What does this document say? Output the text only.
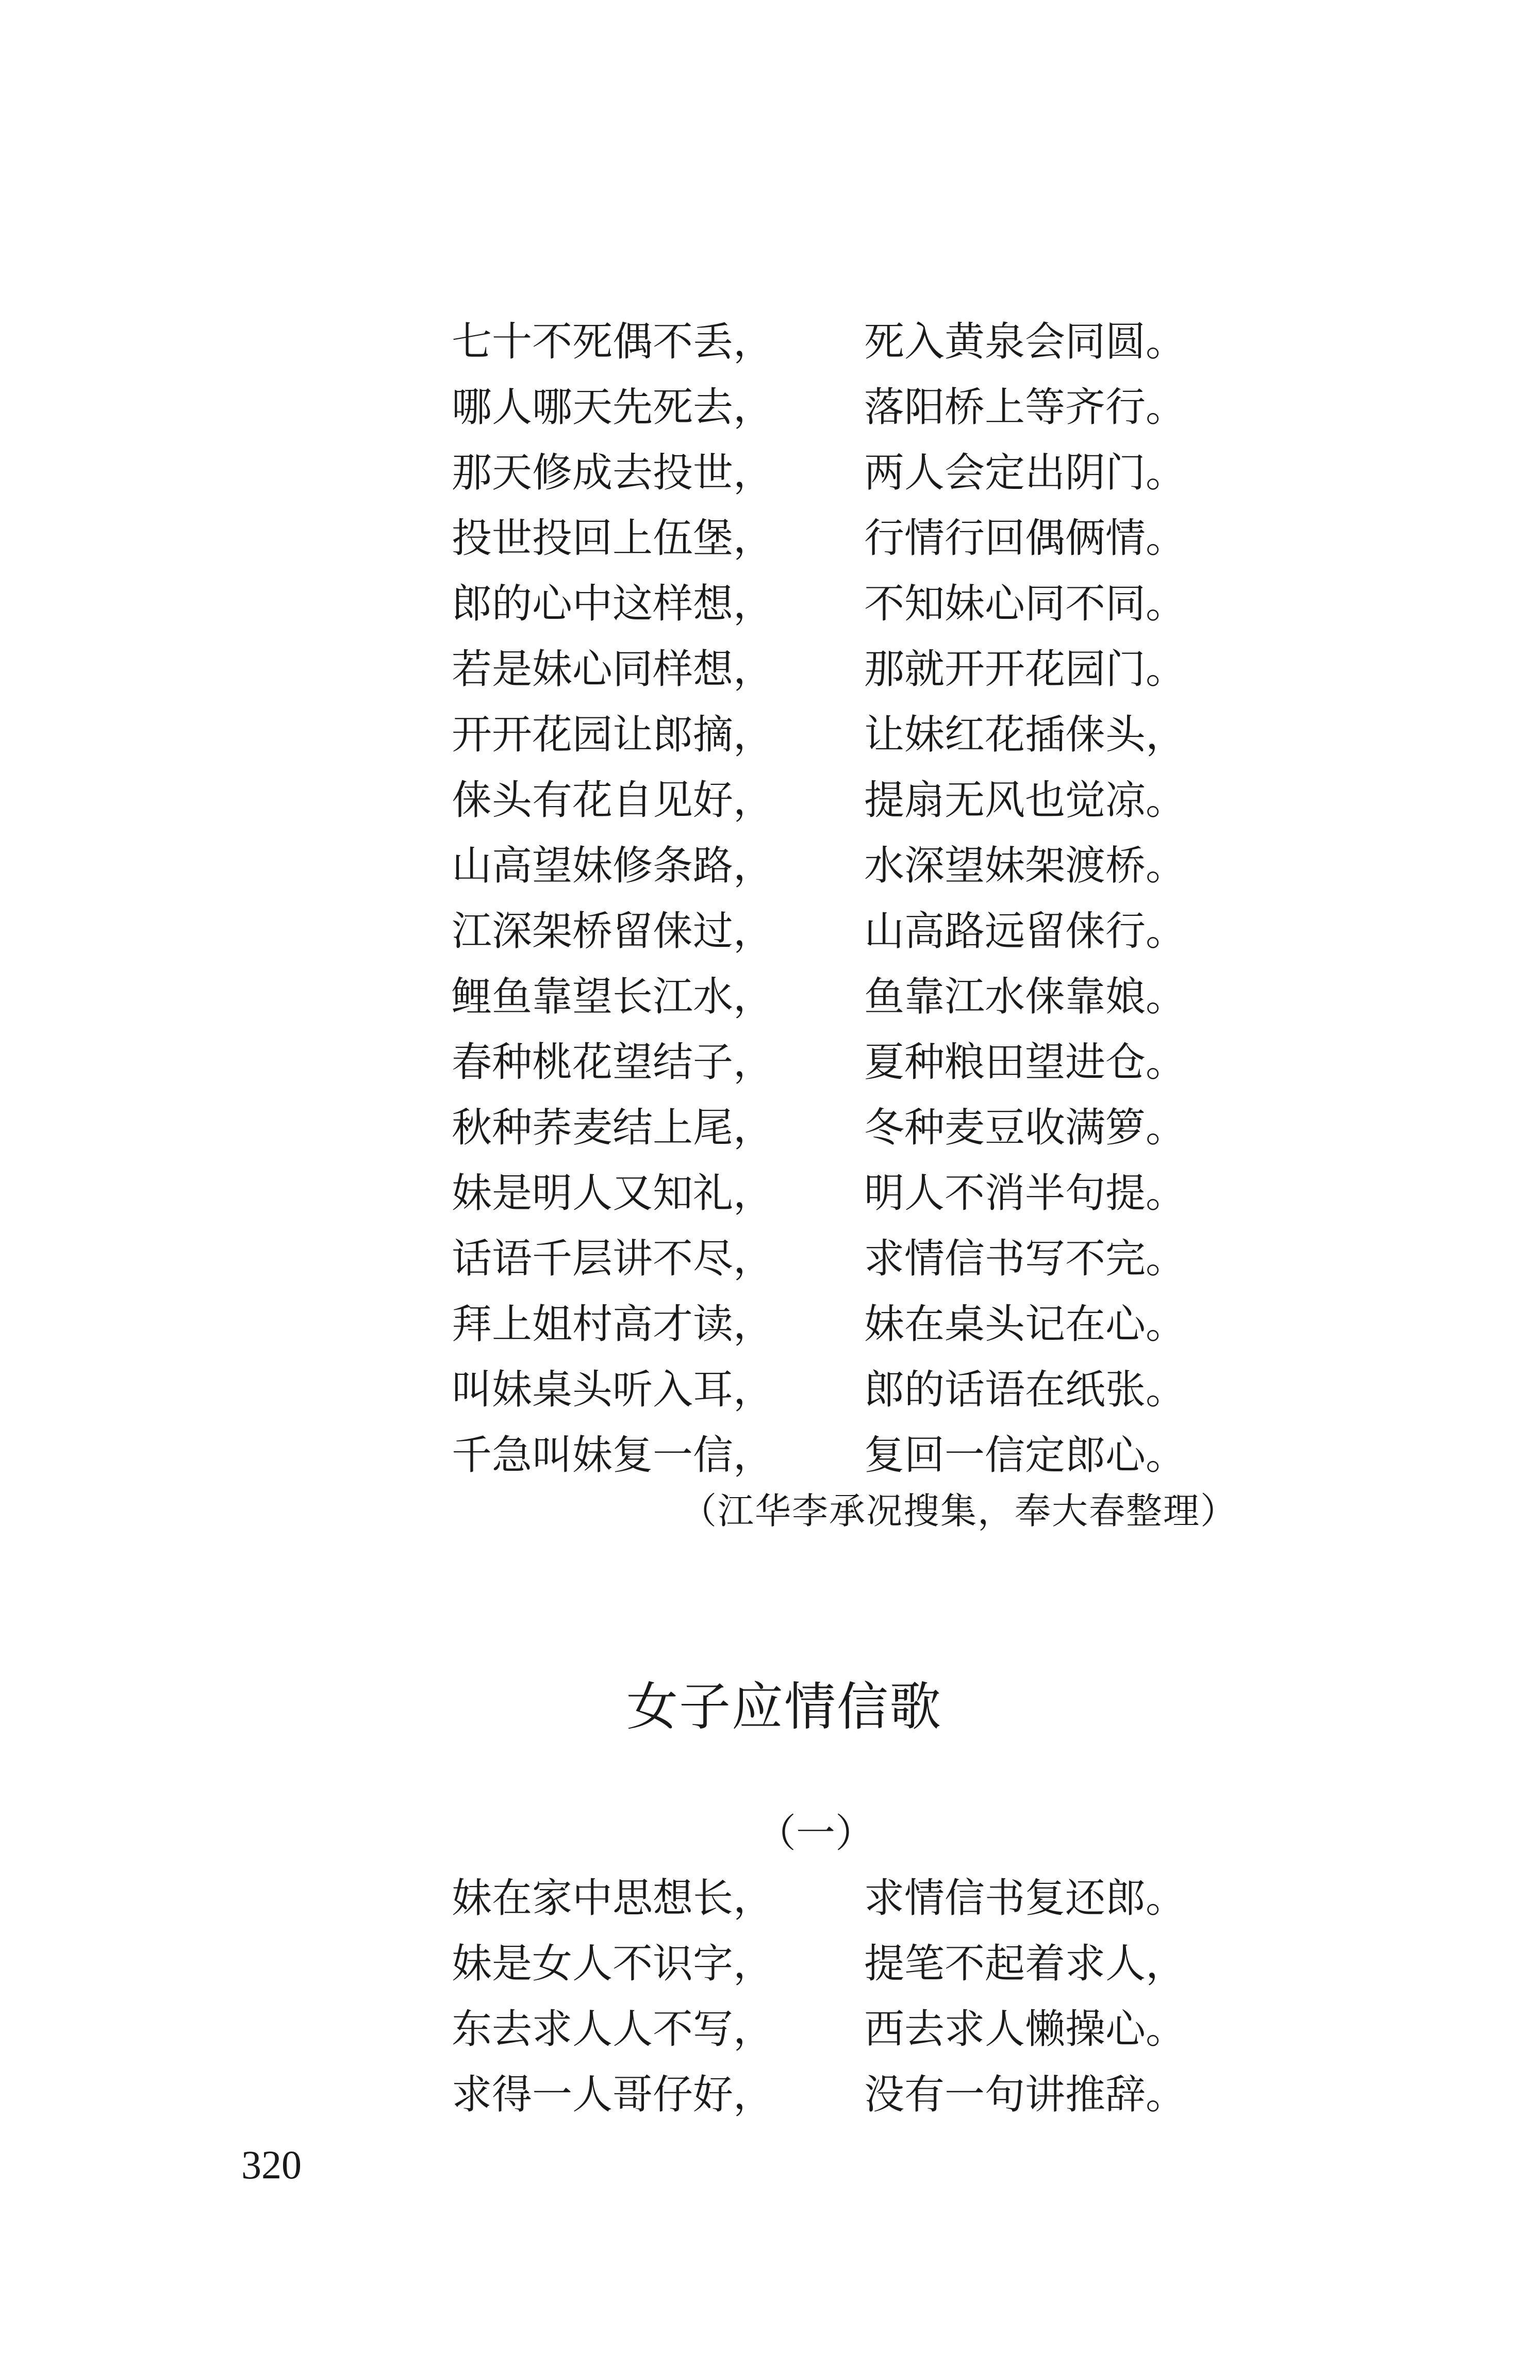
七十不死偶不丢， 死入黄泉会同圆。
哪人哪天先死去， 落阳桥上等齐行。
那天修成去投世， 两人会定出阴门。
投世投回上伍堡， 行情行回偶俩情。
郎的心中这样想， 不知妹心同不同。
若是妹心同样想， 那就开开花园门。
开开花园让郎摘， 让妹红花插俫头，
俫头有花自见好， 提扇无风也觉凉。
山高望妹修条路， 水深望妹架渡桥。
江深架桥留俫过， 山高路远留俫行。
鲤鱼靠望长江水， 鱼靠江水俫靠娘。
春种桃花望结子， 夏种粮田望进仓。
秋种荞麦结上尾， 冬种麦豆收满箩。
妹是明人又知礼， 明人不消半句提。
话语千层讲不尽， 求情信书写不完。
拜上姐村高才读， 妹在桌头记在心。
叫妹桌头听入耳， 郎的话语在纸张。
千急叫妹复一信， 复回一信定郎心。
（江华李承况搜集，奉大春整理）
女子应情信歌
（一）
妹在家中思想长， 求情信书复还郎。
妹是女人不识字， 提笔不起着求人，
东去求人人不写， 西去求人懒操心。
求得一人哥仔好， 没有一句讲推辞。
320
